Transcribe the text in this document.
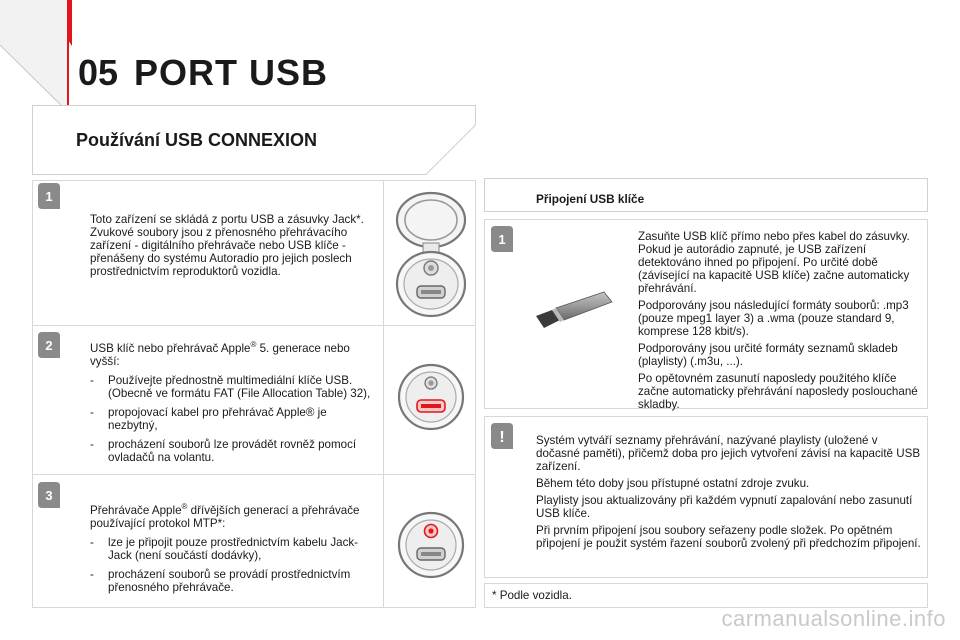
05 PORT USB
Používání USB CONNEXION
1

Toto zařízení se skládá z portu USB a zásuvky Jack*. Zvukové soubory jsou z přenosného přehrávacího zařízení - digitálního přehrávače nebo USB klíče - přenášeny do systému Autoradio pro jejich poslech prostřednictvím reproduktorů vozidla.

2	USB klíč nebo přehrávač Apple® 5. generace nebo vyšší:

- Používejte přednostně multimediální klíče USB. (Obecně ve formátu FAT (File Allocation Table) 32),
- propojovací kabel pro přehrávač Apple® je nezbytný,
- procházení souborů lze provádět rovněž pomocí ovladačů na volantu.
3

Přehrávače Apple® dřívějších generací a přehrávače používající protokol MTP*:

- lze je připojit pouze prostřednictvím kabelu Jack-Jack (není součástí dodávky),
- procházení souborů se provádí prostřednictvím přenosného přehrávače.
Připojení USB klíče
1	Zasuňte USB klíč přímo nebo přes kabel do zásuvky. Pokud je autorádio zapnuté, je USB zařízení detektováno ihned po připojení. Po určité době (závisející na kapacitě USB klíče) začne automaticky přehrávání.

Podporovány jsou následující formáty souborů: .mp3 (pouze mpeg1 layer 3) a .wma (pouze standard 9, komprese 128 kbit/s).

Podporovány jsou určité formáty seznamů skladeb (playlisty) (.m3u, ...).

Po opětovném zasunutí naposledy použitého klíče začne automaticky přehrávání naposledy poslouchané skladby.

!	Systém vytváří seznamy přehrávání, nazývané playlisty (uložené v dočasné paměti), přičemž doba pro jejich vytvoření závisí na kapacitě USB zařízení.

Během této doby jsou přístupné ostatní zdroje zvuku.

Playlisty jsou aktualizovány při každém vypnutí zapalování nebo zasunutí USB klíče.

Při prvním připojení jsou soubory seřazeny podle složek. Po opětném připojení je použit systém řazení souborů zvolený při předchozím připojení.

* Podle vozidla.
carmanualsonline.info
